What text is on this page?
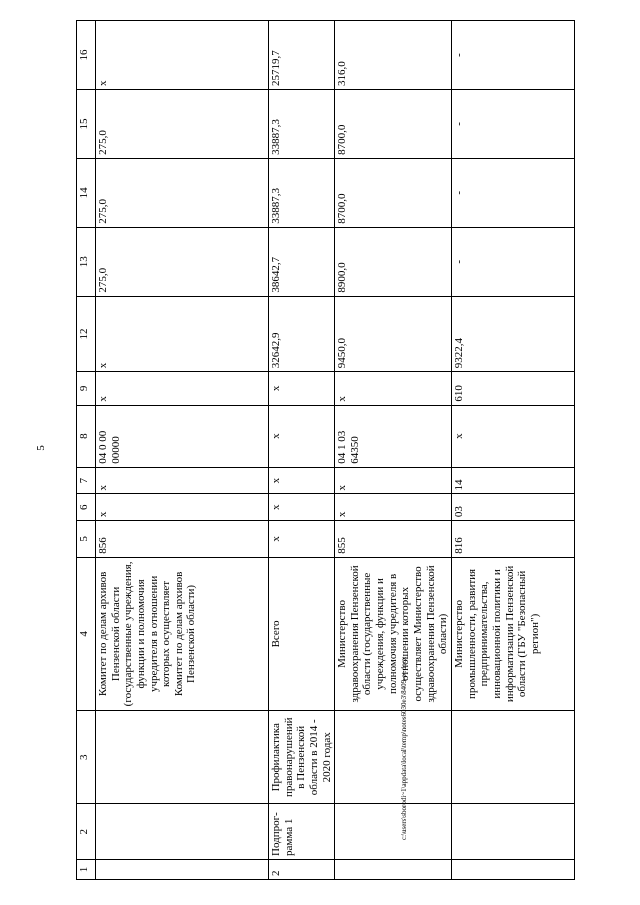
5
c:\users\sborodi~1\appdata\local\temp\notes6030e3\8409-ot.docx
1	2	3	4	5	6	7	8	9	12	13	14	15	16
			Комитет по делам архивов Пензенской области (государственные учреждения, функции и полномочия учредителя в отношении которых осуществляет Комитет по делам архивов Пензенской области)	856	х	х	04 0 00 00000	х	х	275,0	275,0	275,0	х
2	Подпрог-рамма 1	Профилактика правонарушений в Пензенской области в 2014 - 2020 годах	Всего	х	х	х	х	х	32642,9	38642,7	33887,3	33887,3	25719,7
			Министерство здравоохранения Пензенской области (государственные учреждения, функции и полномочия учредителя в отношении которых осуществляет Министерство здравоохранения Пензенской области)	855	х	х	04 1 03 64350	х	9450,0	8900,0	8700,0	8700,0	316,0
			Министерство промышленности, развития предпринимательства, инновационной политики и информатизации Пензенской области (ГБУ "Безопасный регион")	816	03	14	х	610	9322,4	-	-	-	-
